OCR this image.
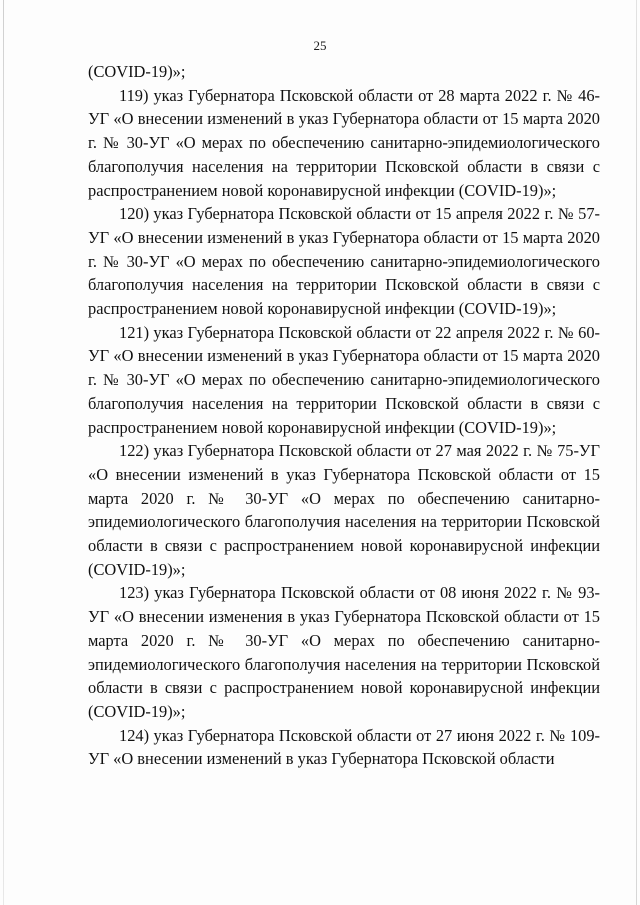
25

(COVID-19)»;

119) указ Губернатора Псковской области от 28 марта 2022 г. № 46-УГ «О внесении изменений в указ Губернатора области от 15 марта 2020 г. № 30-УГ «О мерах по обеспечению санитарно-эпидемиологического благополучия населения на территории Псковской области в связи с распространением новой коронавирусной инфекции (COVID-19)»;

120) указ Губернатора Псковской области от 15 апреля 2022 г. № 57-УГ «О внесении изменений в указ Губернатора области от 15 марта 2020 г. № 30-УГ «О мерах по обеспечению санитарно-эпидемиологического благополучия населения на территории Псковской области в связи с распространением новой коронавирусной инфекции (COVID-19)»;

121) указ Губернатора Псковской области от 22 апреля 2022 г. № 60-УГ «О внесении изменений в указ Губернатора области от 15 марта 2020 г. № 30-УГ «О мерах по обеспечению санитарно-эпидемиологического благополучия населения на территории Псковской области в связи с распространением новой коронавирусной инфекции (COVID-19)»;

122) указ Губернатора Псковской области от 27 мая 2022 г. № 75-УГ «О внесении изменений в указ Губернатора Псковской области от 15 марта 2020 г. № 30-УГ «О мерах по обеспечению санитарно-эпидемиологического благополучия населения на территории Псковской области в связи с распространением новой коронавирусной инфекции (COVID-19)»;

123) указ Губернатора Псковской области от 08 июня 2022 г. № 93-УГ «О внесении изменения в указ Губернатора Псковской области от 15 марта 2020 г. № 30-УГ «О мерах по обеспечению санитарно-эпидемиологического благополучия населения на территории Псковской области в связи с распространением новой коронавирусной инфекции (COVID-19)»;

124) указ Губернатора Псковской области от 27 июня 2022 г. № 109-УГ «О внесении изменений в указ Губернатора Псковской области
